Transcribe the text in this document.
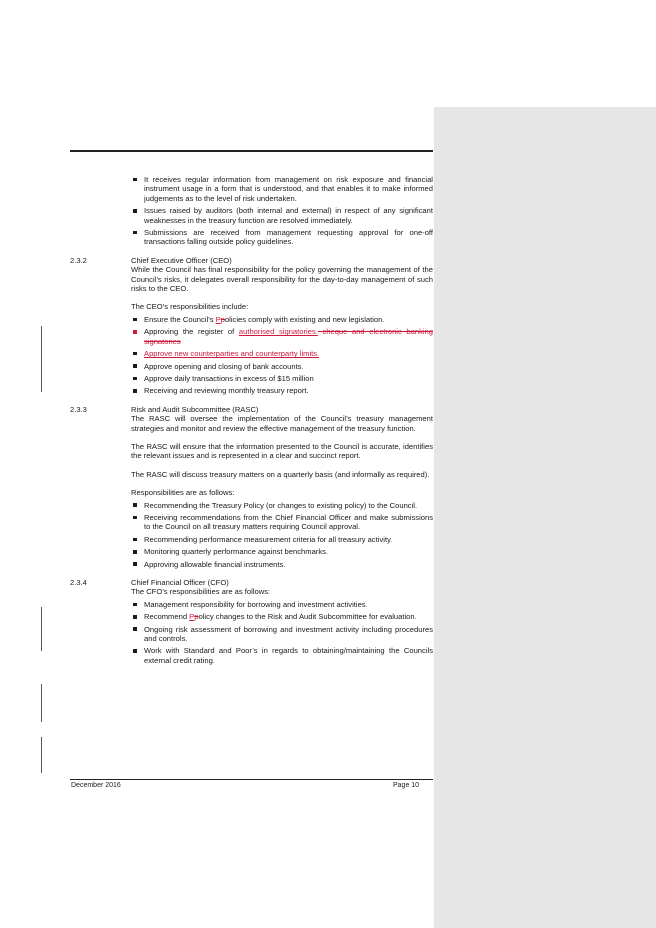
It receives regular information from management on risk exposure and financial instrument usage in a form that is understood, and that enables it to make informed judgements as to the level of risk undertaken.
Issues raised by auditors (both internal and external) in respect of any significant weaknesses in the treasury function are resolved immediately.
Submissions are received from management requesting approval for one-off transactions falling outside policy guidelines.
2.3.2	Chief Executive Officer (CEO)
While the Council has final responsibility for the policy governing the management of the Council’s risks, it delegates overall responsibility for the day-to-day management of such risks to the CEO.
The CEO’s responsibilities include:
Ensure the Council’s Ppolicies comply with existing and new legislation.
Approving the register of authorised signatories. cheque and electronic banking signatories
Approve new counterparties and counterparty limits.
Approve opening and closing of bank accounts.
Approve daily transactions in excess of $15 million
Receiving and reviewing monthly treasury report.
2.3.3	Risk and Audit Subcommittee (RASC)
The RASC will oversee the implementation of the Council’s treasury management strategies and monitor and review the effective management of the treasury function.
The RASC will ensure that the information presented to the Council is accurate, identifies the relevant issues and is represented in a clear and succinct report.
The RASC will discuss treasury matters on a quarterly basis (and informally as required).
Responsibilities are as follows:
Recommending the Treasury Policy (or changes to existing policy) to the Council.
Receiving recommendations from the Chief Financial Officer and make submissions to the Council on all treasury matters requiring Council approval.
Recommending performance measurement criteria for all treasury activity.
Monitoring quarterly performance against benchmarks.
Approving allowable financial instruments.
2.3.4	Chief Financial Officer (CFO)
The CFO’s responsibilities are as follows:
Management responsibility for borrowing and investment activities.
Recommend Ppolicy changes to the Risk and Audit Subcommittee for evaluation.
Ongoing risk assessment of borrowing and investment activity including procedures and controls.
Work with Standard and Poor’s in regards to obtaining/maintaining the Councils external credit rating.
December 2016	Page 10
